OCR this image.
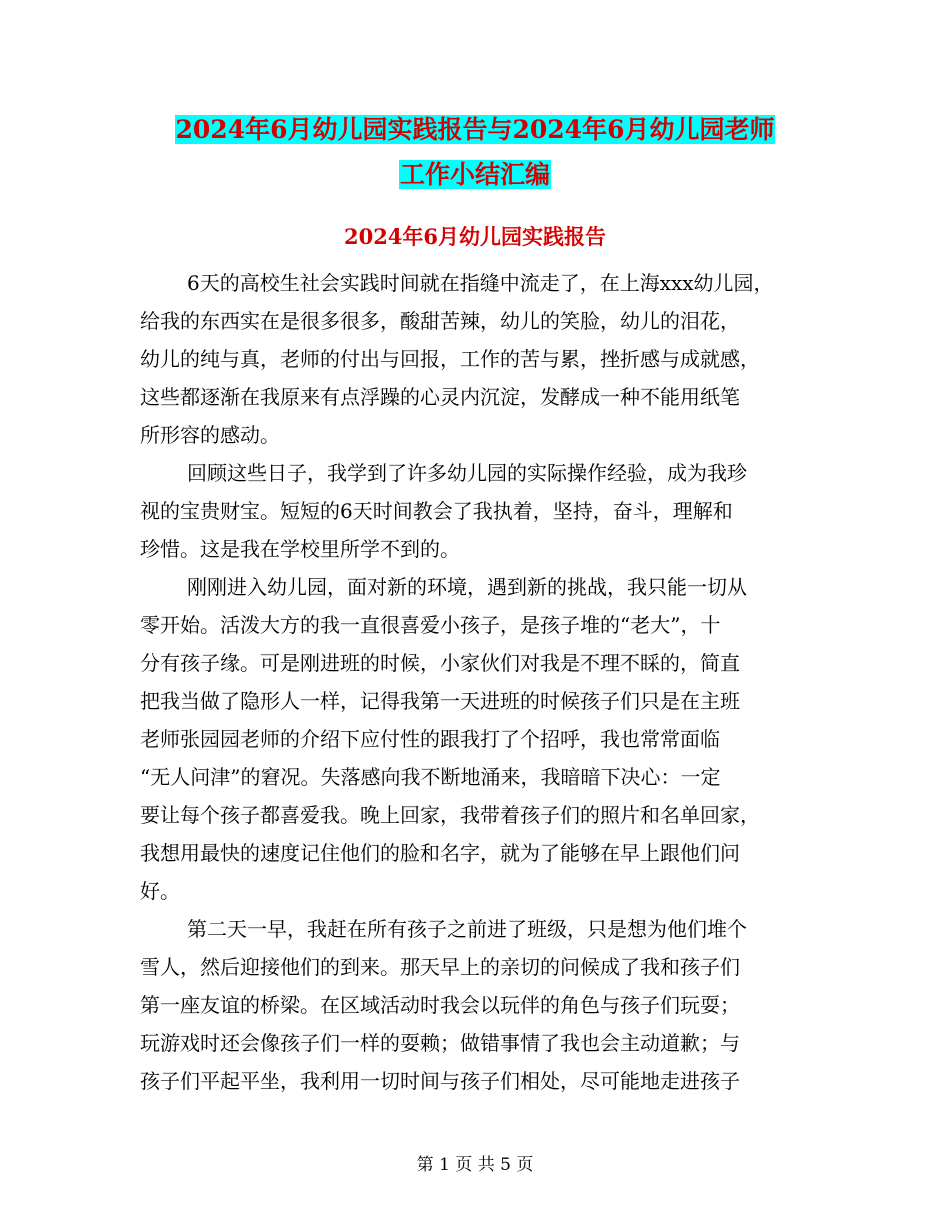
2024年6月幼儿园实践报告与2024年6月幼儿园老师
工作小结汇编
2024年6月幼儿园实践报告
6天的高校生社会实践时间就在指缝中流走了，在上海xxx幼儿园，
给我的东西实在是很多很多，酸甜苦辣，幼儿的笑脸，幼儿的泪花，
幼儿的纯与真，老师的付出与回报，工作的苦与累，挫折感与成就感，
这些都逐渐在我原来有点浮躁的心灵内沉淀，发酵成一种不能用纸笔
所形容的感动。
回顾这些日子，我学到了许多幼儿园的实际操作经验，成为我珍
视的宝贵财宝。短短的6天时间教会了我执着，坚持，奋斗，理解和
珍惜。这是我在学校里所学不到的。
刚刚进入幼儿园，面对新的环境，遇到新的挑战，我只能一切从
零开始。活泼大方的我一直很喜爱小孩子，是孩子堆的“老大”，十
分有孩子缘。可是刚进班的时候，小家伙们对我是不理不睬的，简直
把我当做了隐形人一样，记得我第一天进班的时候孩子们只是在主班
老师张园园老师的介绍下应付性的跟我打了个招呼，我也常常面临
“无人问津”的窘况。失落感向我不断地涌来，我暗暗下决心：一定
要让每个孩子都喜爱我。晚上回家，我带着孩子们的照片和名单回家，
我想用最快的速度记住他们的脸和名字，就为了能够在早上跟他们问
好。
第二天一早，我赶在所有孩子之前进了班级，只是想为他们堆个
雪人，然后迎接他们的到来。那天早上的亲切的问候成了我和孩子们
第一座友谊的桥梁。在区域活动时我会以玩伴的角色与孩子们玩耍；
玩游戏时还会像孩子们一样的耍赖；做错事情了我也会主动道歉；与
孩子们平起平坐，我利用一切时间与孩子们相处，尽可能地走进孩子
第 1 页 共 5 页
